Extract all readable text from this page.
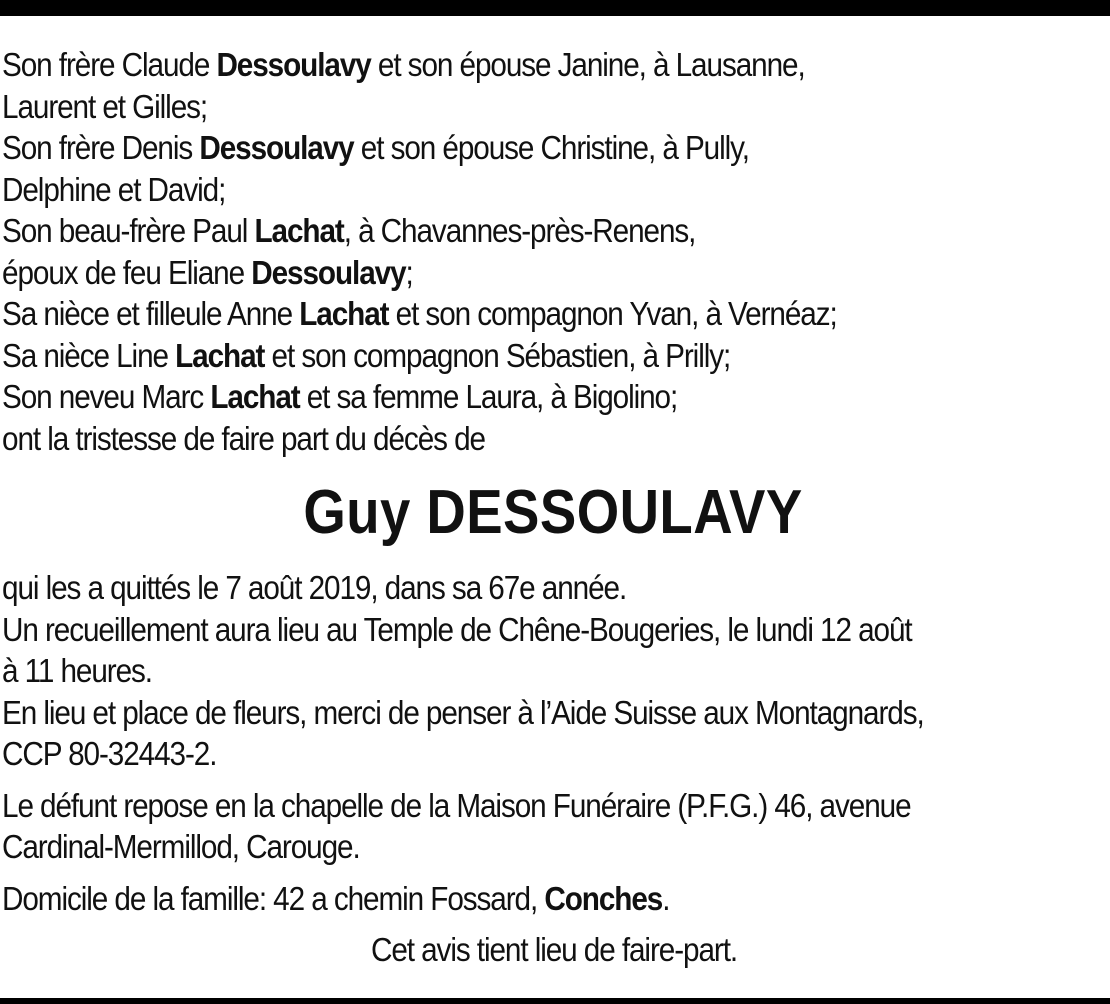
Son frère Claude Dessoulavy et son épouse Janine, à Lausanne,
Laurent et Gilles;
Son frère Denis Dessoulavy et son épouse Christine, à Pully,
Delphine et David;
Son beau-frère Paul Lachat, à Chavannes-près-Renens,
époux de feu Eliane Dessoulavy;
Sa nièce et filleule Anne Lachat et son compagnon Yvan, à Vernéaz;
Sa nièce Line Lachat et son compagnon Sébastien, à Prilly;
Son neveu Marc Lachat et sa femme Laura, à Bigolino;
ont la tristesse de faire part du décès de
Guy DESSOULAVY
qui les a quittés le 7 août 2019, dans sa 67e année.
Un recueillement aura lieu au Temple de Chêne-Bougeries, le lundi 12 août
à 11 heures.
En lieu et place de fleurs, merci de penser à l’Aide Suisse aux Montagnards,
CCP 80-32443-2.
Le défunt repose en la chapelle de la Maison Funéraire (P.F.G.) 46, avenue
Cardinal-Mermillod, Carouge.
Domicile de la famille: 42 a chemin Fossard, Conches.
Cet avis tient lieu de faire-part.
